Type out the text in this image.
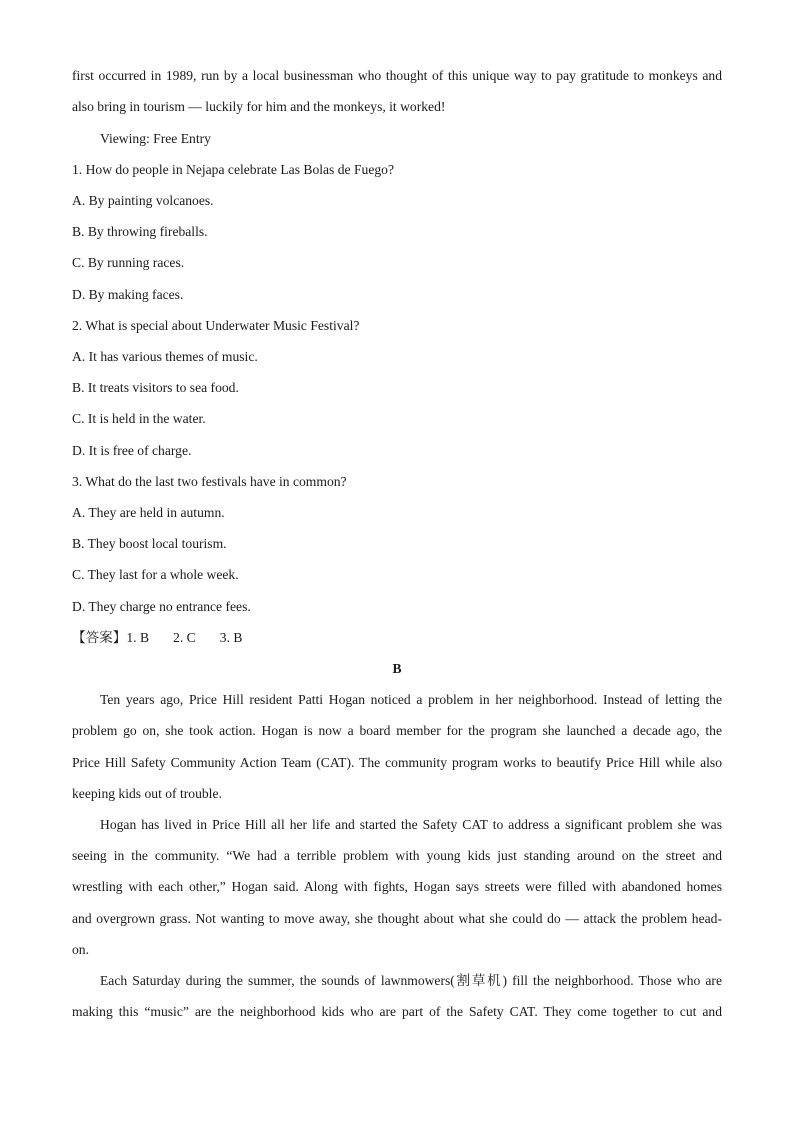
first occurred in 1989, run by a local businessman who thought of this unique way to pay gratitude to monkeys and
also bring in tourism — luckily for him and the monkeys, it worked!
Viewing: Free Entry
1. How do people in Nejapa celebrate Las Bolas de Fuego?
A. By painting volcanoes.
B. By throwing fireballs.
C. By running races.
D. By making faces.
2. What is special about Underwater Music Festival?
A. It has various themes of music.
B. It treats visitors to sea food.
C. It is held in the water.
D. It is free of charge.
3. What do the last two festivals have in common?
A. They are held in autumn.
B. They boost local tourism.
C. They last for a whole week.
D. They charge no entrance fees.
【答案】1. B 2. C 3. B
B
Ten years ago, Price Hill resident Patti Hogan noticed a problem in her neighborhood. Instead of letting the
problem go on, she took action. Hogan is now a board member for the program she launched a decade ago, the
Price Hill Safety Community Action Team (CAT). The community program works to beautify Price Hill while also
keeping kids out of trouble.
Hogan has lived in Price Hill all her life and started the Safety CAT to address a significant problem she was
seeing in the community. “We had a terrible problem with young kids just standing around on the street and
wrestling with each other,” Hogan said. Along with fights, Hogan says streets were filled with abandoned homes
and overgrown grass. Not wanting to move away, she thought about what she could do — attack the problem head-
on.
Each Saturday during the summer, the sounds of lawnmowers(割草机) fill the neighborhood. Those who are
making this “music” are the neighborhood kids who are part of the Safety CAT. They come together to cut and
